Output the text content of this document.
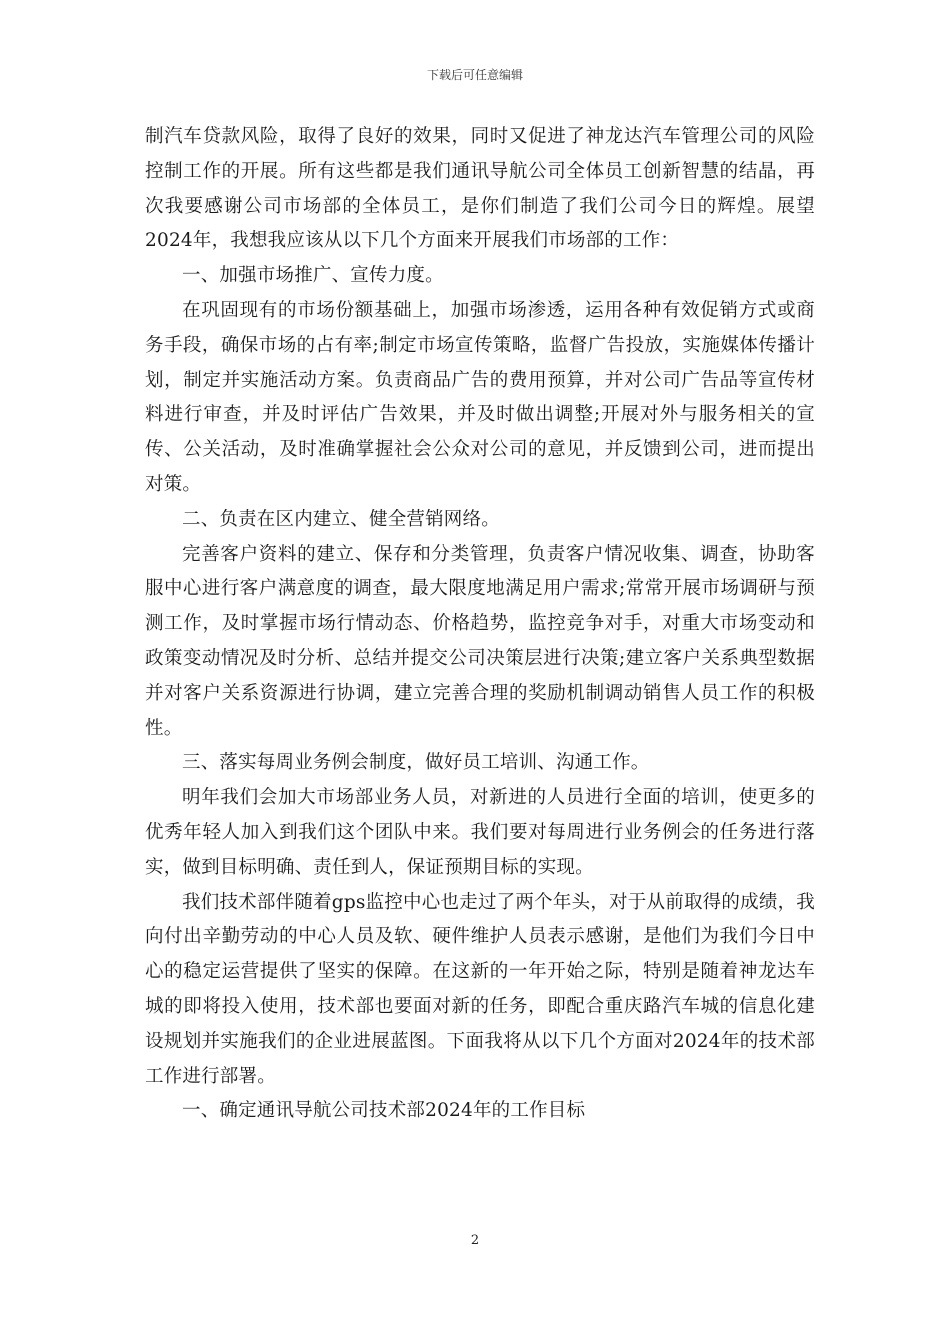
下载后可任意编辑

制汽车贷款风险，取得了良好的效果，同时又促进了神龙达汽车管理公司的风险控制工作的开展。所有这些都是我们通讯导航公司全体员工创新智慧的结晶，再次我要感谢公司市场部的全体员工，是你们制造了我们公司今日的辉煌。展望2024年，我想我应该从以下几个方面来开展我们市场部的工作：

一、加强市场推广、宣传力度。

在巩固现有的市场份额基础上，加强市场渗透，运用各种有效促销方式或商务手段，确保市场的占有率;制定市场宣传策略，监督广告投放，实施媒体传播计划，制定并实施活动方案。负责商品广告的费用预算，并对公司广告品等宣传材料进行审查，并及时评估广告效果，并及时做出调整;开展对外与服务相关的宣传、公关活动，及时准确掌握社会公众对公司的意见，并反馈到公司，进而提出对策。

二、负责在区内建立、健全营销网络。

完善客户资料的建立、保存和分类管理，负责客户情况收集、调查，协助客服中心进行客户满意度的调查，最大限度地满足用户需求;常常开展市场调研与预测工作，及时掌握市场行情动态、价格趋势，监控竞争对手，对重大市场变动和政策变动情况及时分析、总结并提交公司决策层进行决策;建立客户关系典型数据并对客户关系资源进行协调，建立完善合理的奖励机制调动销售人员工作的积极性。

三、落实每周业务例会制度，做好员工培训、沟通工作。

明年我们会加大市场部业务人员，对新进的人员进行全面的培训，使更多的优秀年轻人加入到我们这个团队中来。我们要对每周进行业务例会的任务进行落实，做到目标明确、责任到人，保证预期目标的实现。

我们技术部伴随着gps监控中心也走过了两个年头，对于从前取得的成绩，我向付出辛勤劳动的中心人员及软、硬件维护人员表示感谢，是他们为我们今日中心的稳定运营提供了坚实的保障。在这新的一年开始之际，特别是随着神龙达车城的即将投入使用，技术部也要面对新的任务，即配合重庆路汽车城的信息化建设规划并实施我们的企业进展蓝图。下面我将从以下几个方面对2024年的技术部工作进行部署。

一、确定通讯导航公司技术部2024年的工作目标

2
